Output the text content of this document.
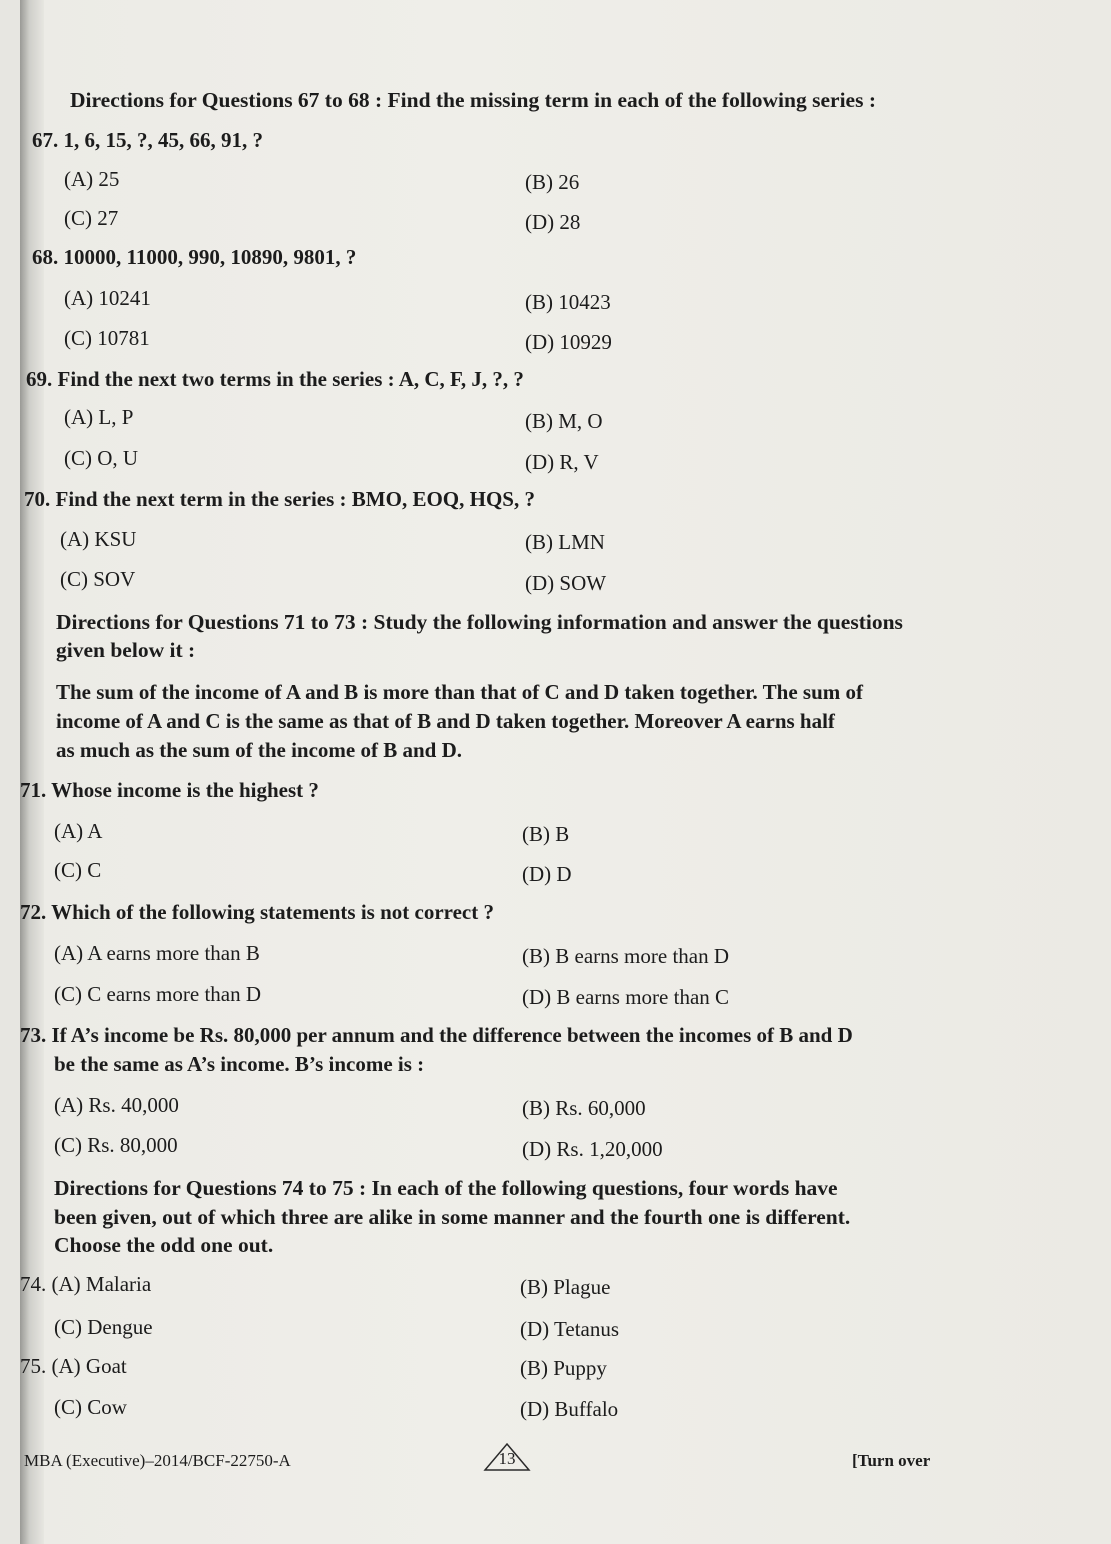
Directions for Questions 67 to 68 : Find the missing term in each of the following series :
67. 1, 6, 15, ?, 45, 66, 91, ?
(A) 25	(B) 26
(C) 27	(D) 28
68. 10000, 11000, 990, 10890, 9801, ?
(A) 10241	(B) 10423
(C) 10781	(D) 10929
69. Find the next two terms in the series : A, C, F, J, ?, ?
(A) L, P	(B) M, O
(C) O, U	(D) R, V
70. Find the next term in the series : BMO, EOQ, HQS, ?
(A) KSU	(B) LMN
(C) SOV	(D) SOW
Directions for Questions 71 to 73 : Study the following information and answer the questions
given below it :
The sum of the income of A and B is more than that of C and D taken together. The sum of
income of A and C is the same as that of B and D taken together. Moreover A earns half
as much as the sum of the income of B and D.
71. Whose income is the highest ?
(A) A	(B) B
(C) C	(D) D
72. Which of the following statements is not correct ?
(A) A earns more than B	(B) B earns more than D
(C) C earns more than D	(D) B earns more than C
73. If A’s income be Rs. 80,000 per annum and the difference between the incomes of B and D
be the same as A’s income. B’s income is :
(A) Rs. 40,000	(B) Rs. 60,000
(C) Rs. 80,000	(D) Rs. 1,20,000
Directions for Questions 74 to 75 : In each of the following questions, four words have
been given, out of which three are alike in some manner and the fourth one is different.
Choose the odd one out.
74. (A) Malaria	(B) Plague
(C) Dengue	(D) Tetanus
75. (A) Goat	(B) Puppy
(C) Cow	(D) Buffalo
MBA (Executive)–2014/BCF-22750-A	13	[Turn over
